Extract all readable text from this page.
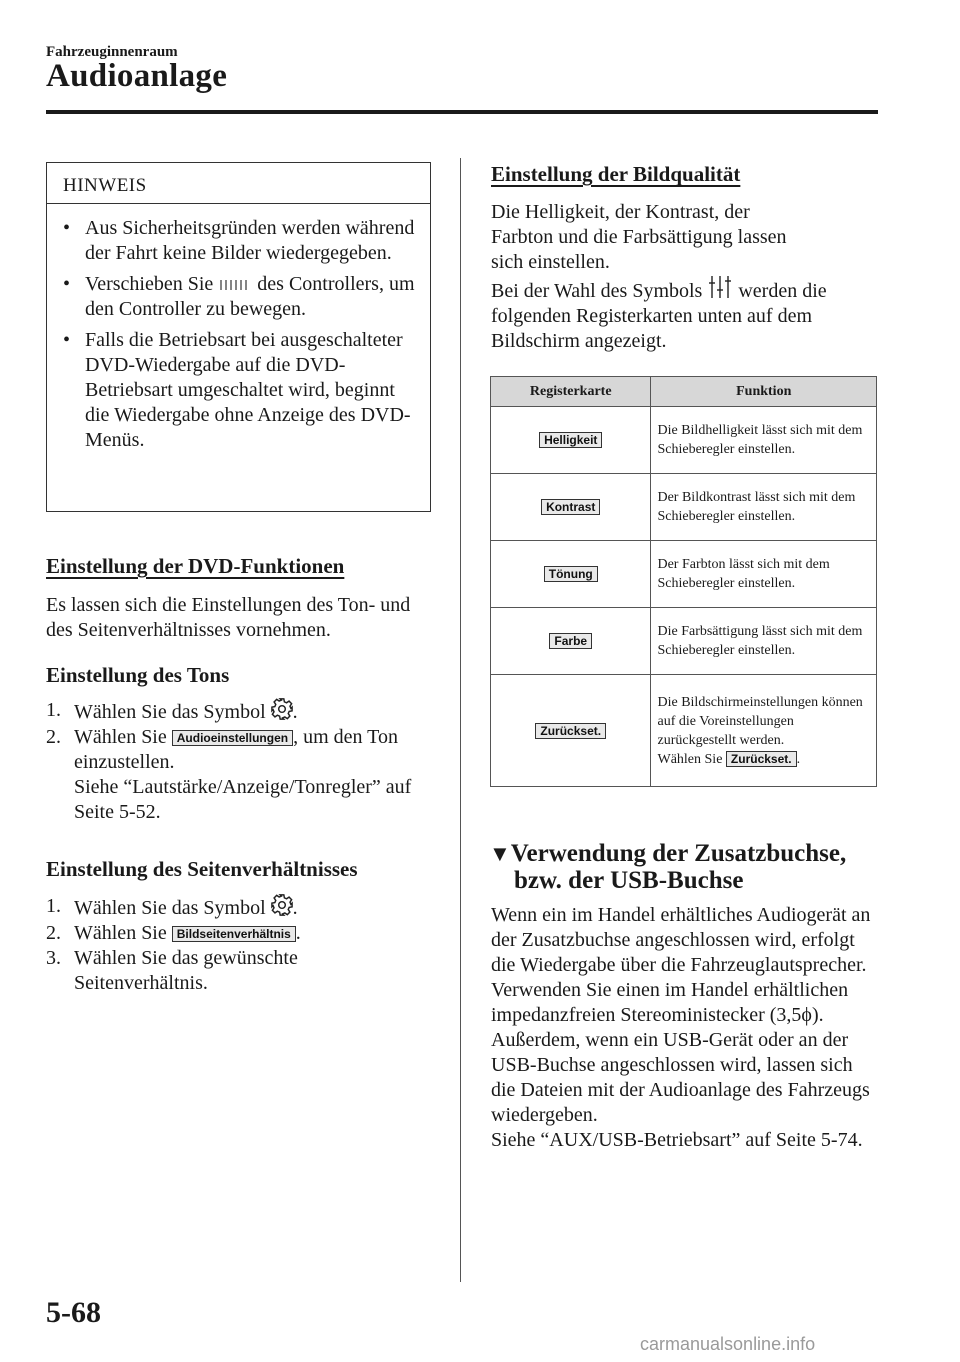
Fahrzeuginnenraum
Audioanlage
HINWEIS
• Aus Sicherheitsgründen werden während der Fahrt keine Bilder wiedergegeben.
• Verschieben Sie des Controllers, um den Controller zu bewegen.
• Falls die Betriebsart bei ausgeschalteter DVD-Wiedergabe auf die DVD-Betriebsart umgeschaltet wird, beginnt die Wiedergabe ohne Anzeige des DVD-Menüs.
Einstellung der DVD-Funktionen
Es lassen sich die Einstellungen des Ton- und des Seitenverhältnisses vornehmen.
Einstellung des Tons
1. Wählen Sie das Symbol .
2. Wählen Sie Audioeinstellungen , um den Ton einzustellen.
Siehe “Lautstärke/Anzeige/Tonregler” auf Seite 5-52.
Einstellung des Seitenverhältnisses
1. Wählen Sie das Symbol .
2. Wählen Sie Bildseitenverhältnis .
3. Wählen Sie das gewünschte Seitenverhältnis.
Einstellung der Bildqualität
Die Helligkeit, der Kontrast, der Farbton und die Farbsättigung lassen sich einstellen.
Bei der Wahl des Symbols werden die folgenden Registerkarten unten auf dem Bildschirm angezeigt.
Registerkarte	Funktion
Helligkeit	Die Bildhelligkeit lässt sich mit dem Schieberegler einstellen.
Kontrast	Der Bildkontrast lässt sich mit dem Schieberegler einstellen.
Tönung	Der Farbton lässt sich mit dem Schieberegler einstellen.
Farbe	Die Farbsättigung lässt sich mit dem Schieberegler einstellen.
Zurückset.	Die Bildschirmeinstellungen können auf die Voreinstellungen zurückgestellt werden.
Wählen Sie Zurückset. .
▼Verwendung der Zusatzbuchse,
bzw. der USB-Buchse
Wenn ein im Handel erhältliches Audiogerät an der Zusatzbuchse angeschlossen wird, erfolgt die Wiedergabe über die Fahrzeuglautsprecher. Verwenden Sie einen im Handel erhältlichen impedanzfreien Stereoministecker (3,5ϕ).
Außerdem, wenn ein USB-Gerät oder an der USB-Buchse angeschlossen wird, lassen sich die Dateien mit der Audioanlage des Fahrzeugs wiedergeben.
Siehe “AUX/USB-Betriebsart” auf Seite 5-74.
5-68
carmanualsonline.info
